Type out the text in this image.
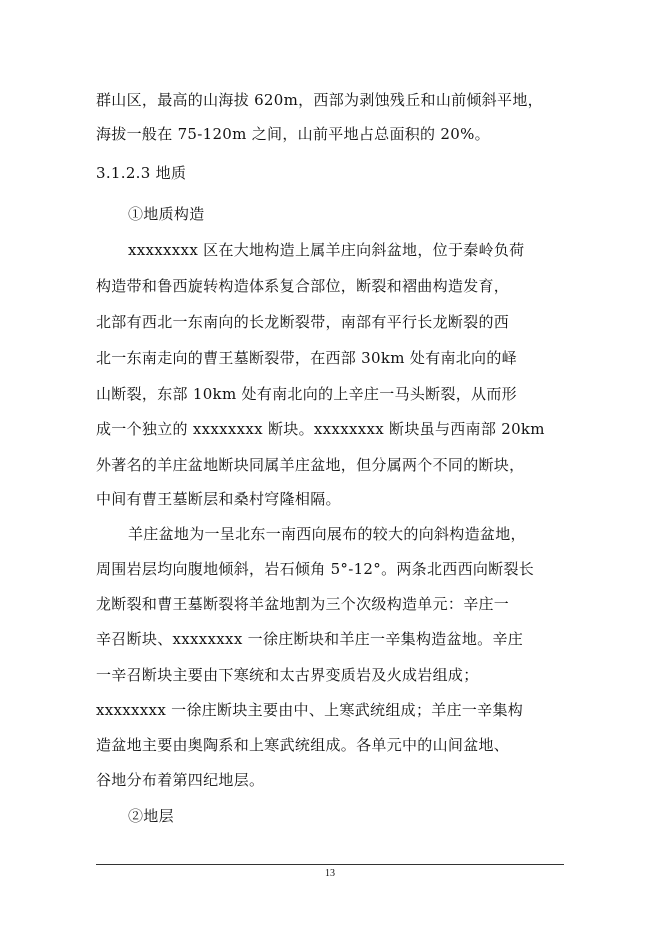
群山区，最高的山海拔 620m，西部为剥蚀残丘和山前倾斜平地，
海拔一般在 75-120m 之间，山前平地占总面积的 20%。
3.1.2.3 地质
①地质构造
xxxxxxxx 区在大地构造上属羊庄向斜盆地，位于秦岭负荷
构造带和鲁西旋转构造体系复合部位，断裂和褶曲构造发育，
北部有西北一东南向的长龙断裂带，南部有平行长龙断裂的西
北一东南走向的曹王墓断裂带，在西部 30km 处有南北向的峄
山断裂，东部 10km 处有南北向的上辛庄一马头断裂，从而形
成一个独立的 xxxxxxxx 断块。xxxxxxxx 断块虽与西南部 20km
外著名的羊庄盆地断块同属羊庄盆地，但分属两个不同的断块，
中间有曹王墓断层和桑村穹隆相隔。
羊庄盆地为一呈北东一南西向展布的较大的向斜构造盆地，
周围岩层均向腹地倾斜，岩石倾角 5°-12°。两条北西西向断裂长
龙断裂和曹王墓断裂将羊盆地割为三个次级构造单元：辛庄一
辛召断块、xxxxxxxx 一徐庄断块和羊庄一辛集构造盆地。辛庄
一辛召断块主要由下寒统和太古界变质岩及火成岩组成；
xxxxxxxx 一徐庄断块主要由中、上寒武统组成；羊庄一辛集构
造盆地主要由奥陶系和上寒武统组成。各单元中的山间盆地、
谷地分布着第四纪地层。
②地层
13
